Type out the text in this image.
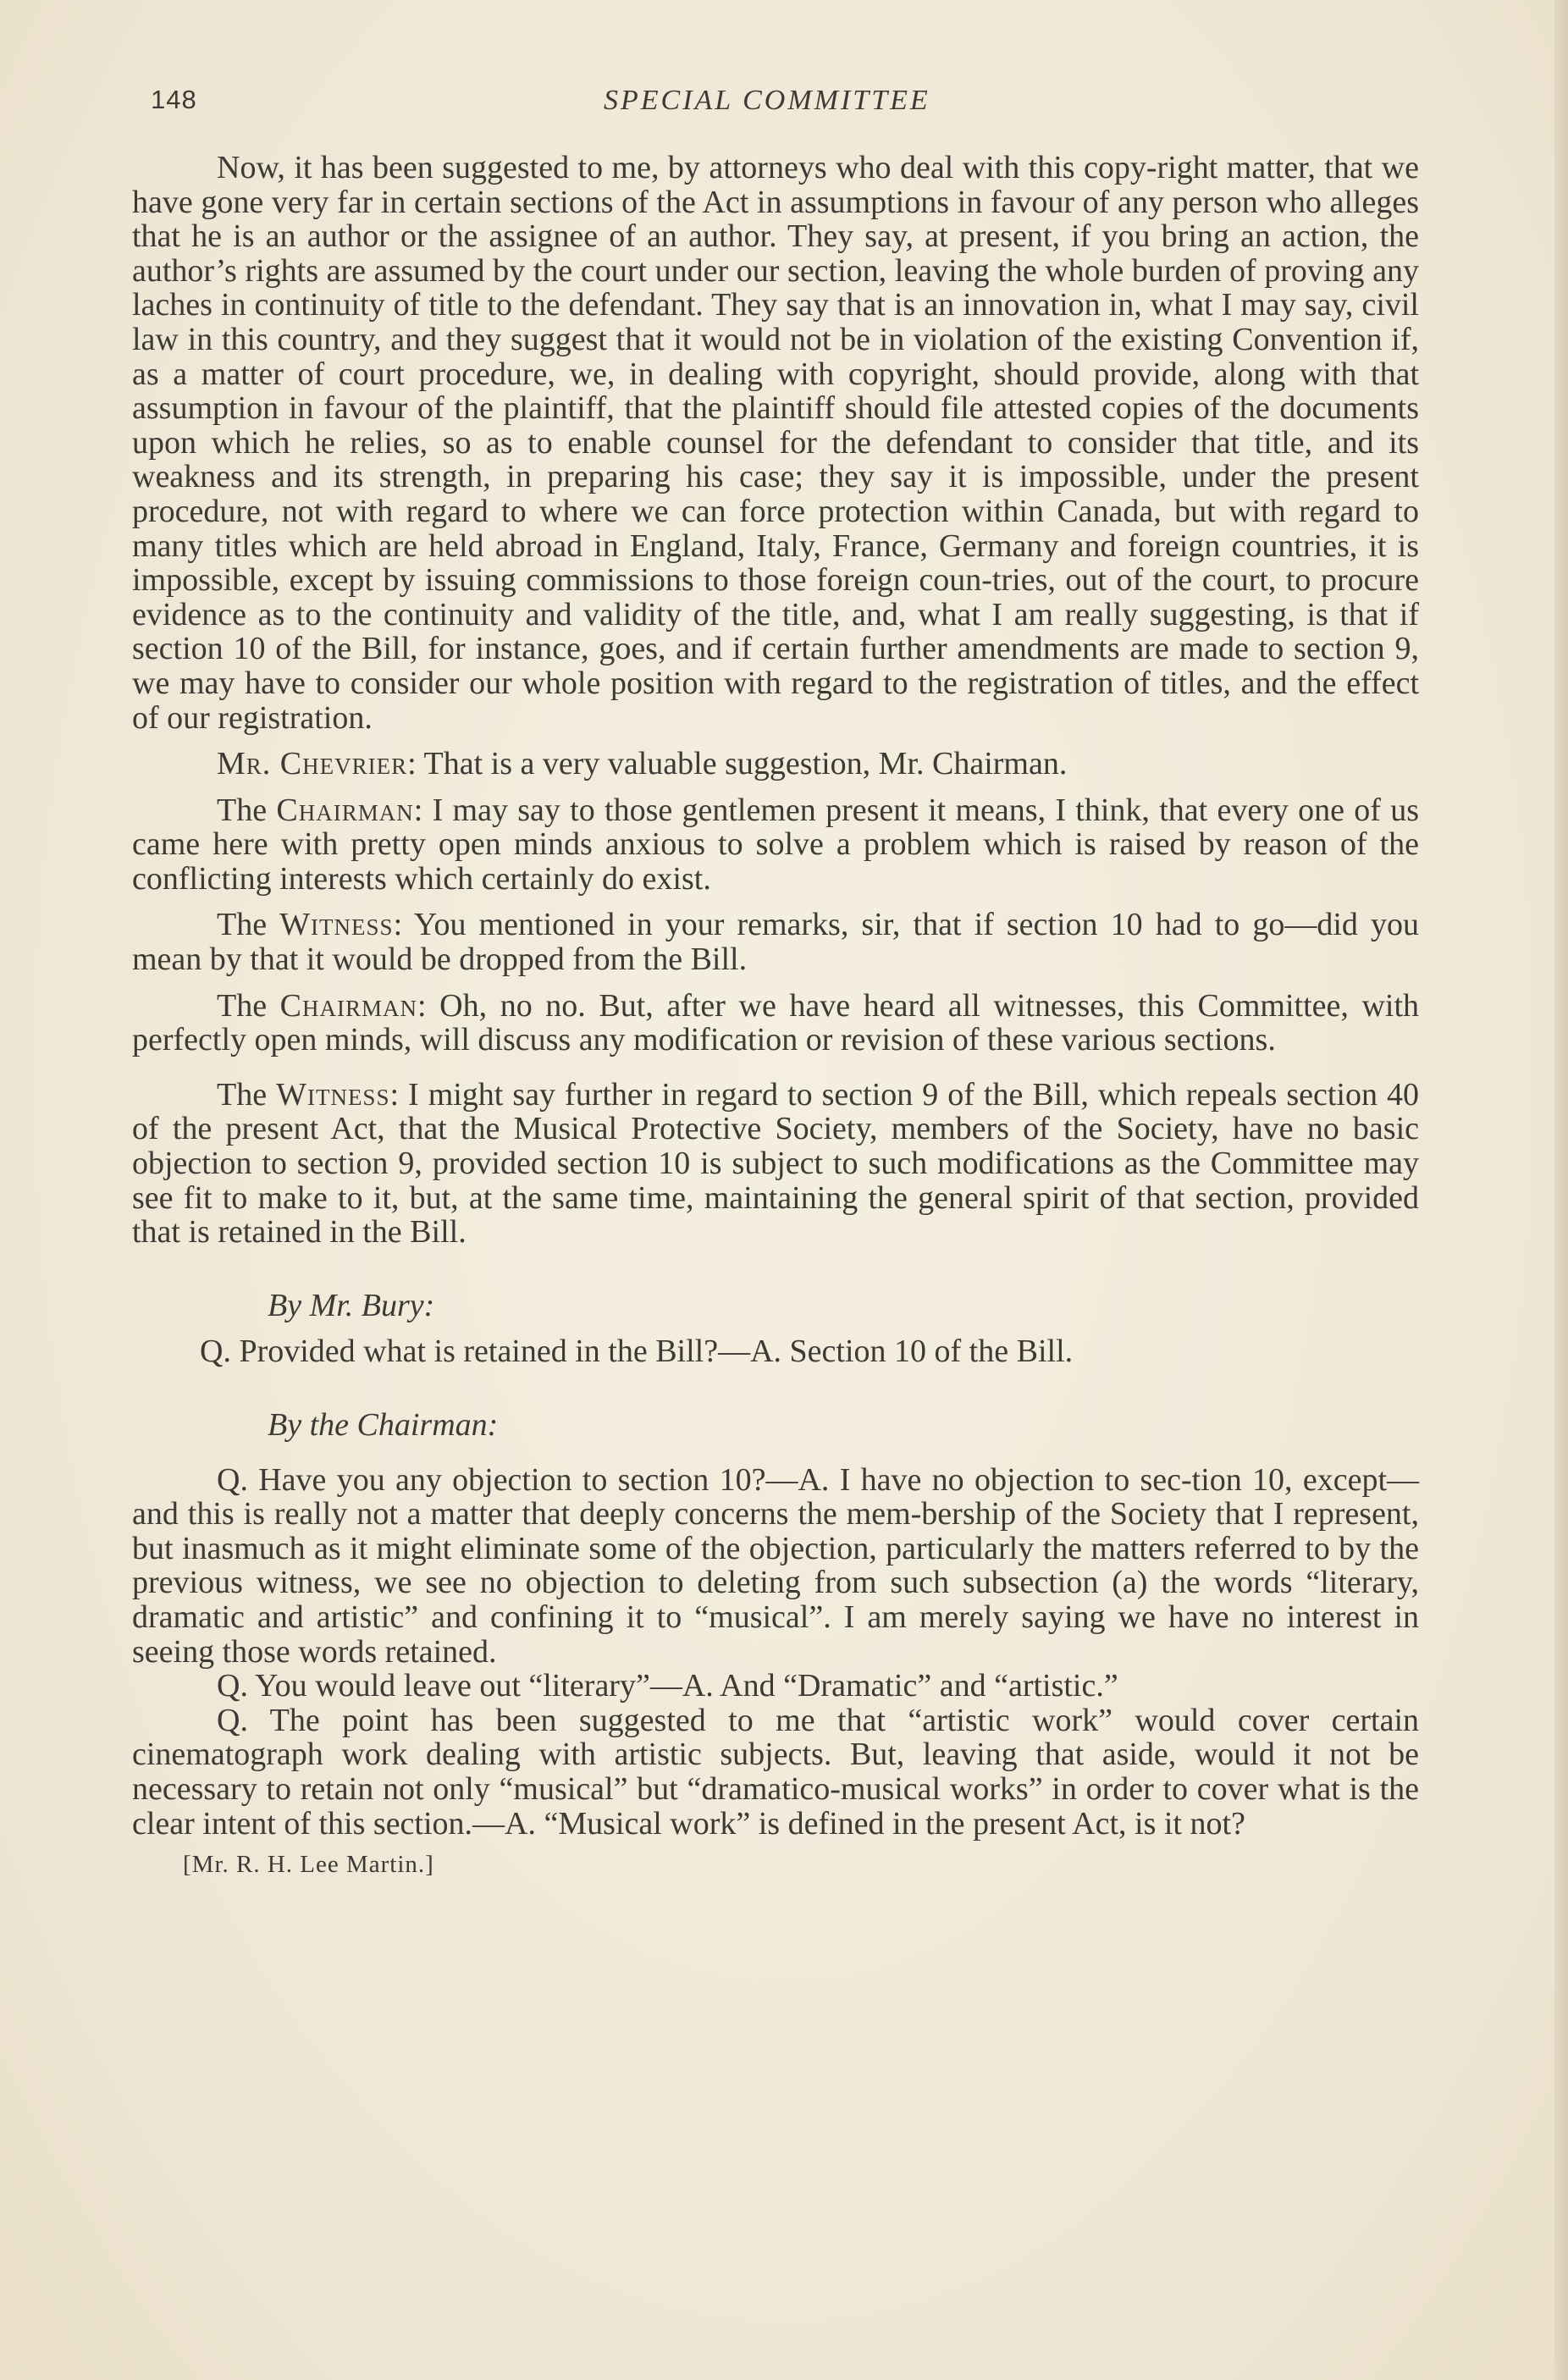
148	SPECIAL COMMITTEE

Now, it has been suggested to me, by attorneys who deal with this copy-right matter, that we have gone very far in certain sections of the Act in assumptions in favour of any person who alleges that he is an author or the assignee of an author. They say, at present, if you bring an action, the author’s rights are assumed by the court under our section, leaving the whole burden of proving any laches in continuity of title to the defendant. They say that is an innovation in, what I may say, civil law in this country, and they suggest that it would not be in violation of the existing Convention if, as a matter of court procedure, we, in dealing with copyright, should provide, along with that assumption in favour of the plaintiff, that the plaintiff should file attested copies of the documents upon which he relies, so as to enable counsel for the defendant to consider that title, and its weakness and its strength, in preparing his case; they say it is impossible, under the present procedure, not with regard to where we can force protection within Canada, but with regard to many titles which are held abroad in England, Italy, France, Germany and foreign countries, it is impossible, except by issuing commissions to those foreign coun-tries, out of the court, to procure evidence as to the continuity and validity of the title, and, what I am really suggesting, is that if section 10 of the Bill, for instance, goes, and if certain further amendments are made to section 9, we may have to consider our whole position with regard to the registration of titles, and the effect of our registration.

Mr. Chevrier: That is a very valuable suggestion, Mr. Chairman.

The Chairman: I may say to those gentlemen present it means, I think, that every one of us came here with pretty open minds anxious to solve a problem which is raised by reason of the conflicting interests which certainly do exist.

The Witness: You mentioned in your remarks, sir, that if section 10 had to go—did you mean by that it would be dropped from the Bill.

The Chairman: Oh, no no. But, after we have heard all witnesses, this Committee, with perfectly open minds, will discuss any modification or revision of these various sections.

The Witness: I might say further in regard to section 9 of the Bill, which repeals section 40 of the present Act, that the Musical Protective Society, members of the Society, have no basic objection to section 9, provided section 10 is subject to such modifications as the Committee may see fit to make to it, but, at the same time, maintaining the general spirit of that section, provided that is retained in the Bill.

By Mr. Bury:

Q. Provided what is retained in the Bill?—A. Section 10 of the Bill.

By the Chairman:

Q. Have you any objection to section 10?—A. I have no objection to sec-tion 10, except—and this is really not a matter that deeply concerns the mem-bership of the Society that I represent, but inasmuch as it might eliminate some of the objection, particularly the matters referred to by the previous witness, we see no objection to deleting from such subsection (a) the words “literary, dramatic and artistic” and confining it to “musical”. I am merely saying we have no interest in seeing those words retained.

Q. You would leave out “literary”—A. And “Dramatic” and “artistic.”

Q. The point has been suggested to me that “artistic work” would cover certain cinematograph work dealing with artistic subjects. But, leaving that aside, would it not be necessary to retain not only “musical” but “dramatico-musical works” in order to cover what is the clear intent of this section.—A. “Musical work” is defined in the present Act, is it not?

[Mr. R. H. Lee Martin.]
